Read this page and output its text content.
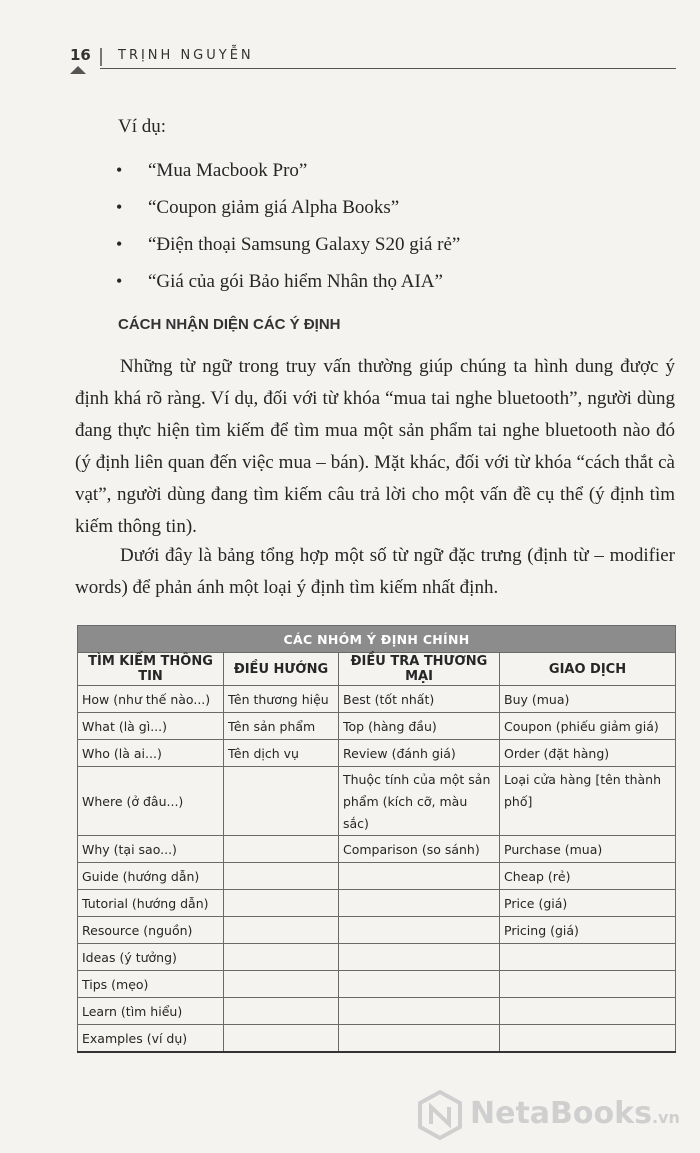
16 TRỊNH NGUYỄN
Ví dụ:
• “Mua Macbook Pro”
• “Coupon giảm giá Alpha Books”
• “Điện thoại Samsung Galaxy S20 giá rẻ”
• “Giá của gói Bảo hiểm Nhân thọ AIA”
CÁCH NHẬN DIỆN CÁC Ý ĐỊNH

Những từ ngữ trong truy vấn thường giúp chúng ta hình dung được ý định khá rõ ràng. Ví dụ, đối với từ khóa “mua tai nghe bluetooth”, người dùng đang thực hiện tìm kiếm để tìm mua một sản phẩm tai nghe bluetooth nào đó (ý định liên quan đến việc mua – bán). Mặt khác, đối với từ khóa “cách thắt cà vạt”, người dùng đang tìm kiếm câu trả lời cho một vấn đề cụ thể (ý định tìm kiếm thông tin).

Dưới đây là bảng tổng hợp một số từ ngữ đặc trưng (định từ – modifier words) để phản ánh một loại ý định tìm kiếm nhất định.

CÁC NHÓM Ý ĐỊNH CHÍNH			
TÌM KIẾM THÔNG TIN	ĐIỀU HƯỚNG	ĐIỀU TRA THƯƠNG MẠI	GIAO DỊCH
How (như thế nào...)	Tên thương hiệu	Best (tốt nhất)	Buy (mua)
What (là gì...)	Tên sản phẩm	Top (hàng đầu)	Coupon (phiếu giảm giá)
Who (là ai...)	Tên dịch vụ	Review (đánh giá)	Order (đặt hàng)
Where (ở đâu...)		Thuộc tính của một sản phẩm (kích cỡ, màu sắc)	Loại cửa hàng [tên thành phố]
Why (tại sao...)		Comparison (so sánh)	Purchase (mua)
Guide (hướng dẫn)			Cheap (rẻ)
Tutorial (hướng dẫn)			Price (giá)
Resource (nguồn)			Pricing (giá)
Ideas (ý tưởng)			
Tips (mẹo)			
Learn (tìm hiểu)			
Examples (ví dụ)			
NetaBooks.vn
